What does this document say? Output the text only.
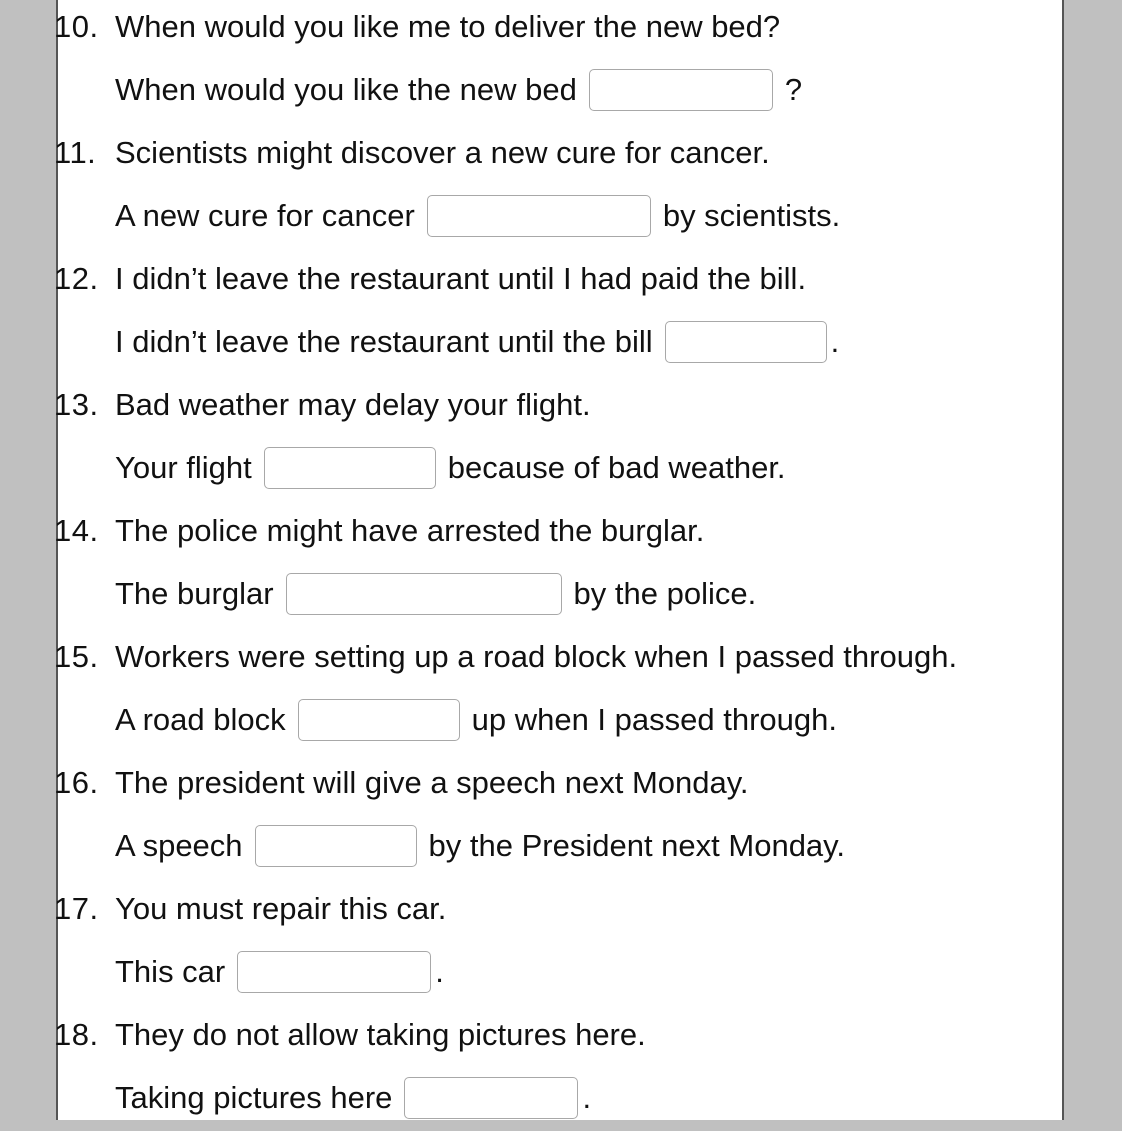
10. When would you like me to deliver the new bed?
When would you like the new bed	?
11. Scientists might discover a new cure for cancer.
A new cure for cancer	by scientists.
12. I didn’t leave the restaurant until I had paid the bill.
I didn’t leave the restaurant until the bill	.
13. Bad weather may delay your flight.
Your flight	because of bad weather.
14. The police might have arrested the burglar.
The burglar	by the police.
15. Workers were setting up a road block when I passed through.
A road block	up when I passed through.
16. The president will give a speech next Monday.
A speech	by the President next Monday.
17. You must repair this car.
This car	.
18. They do not allow taking pictures here.
Taking pictures here	.
